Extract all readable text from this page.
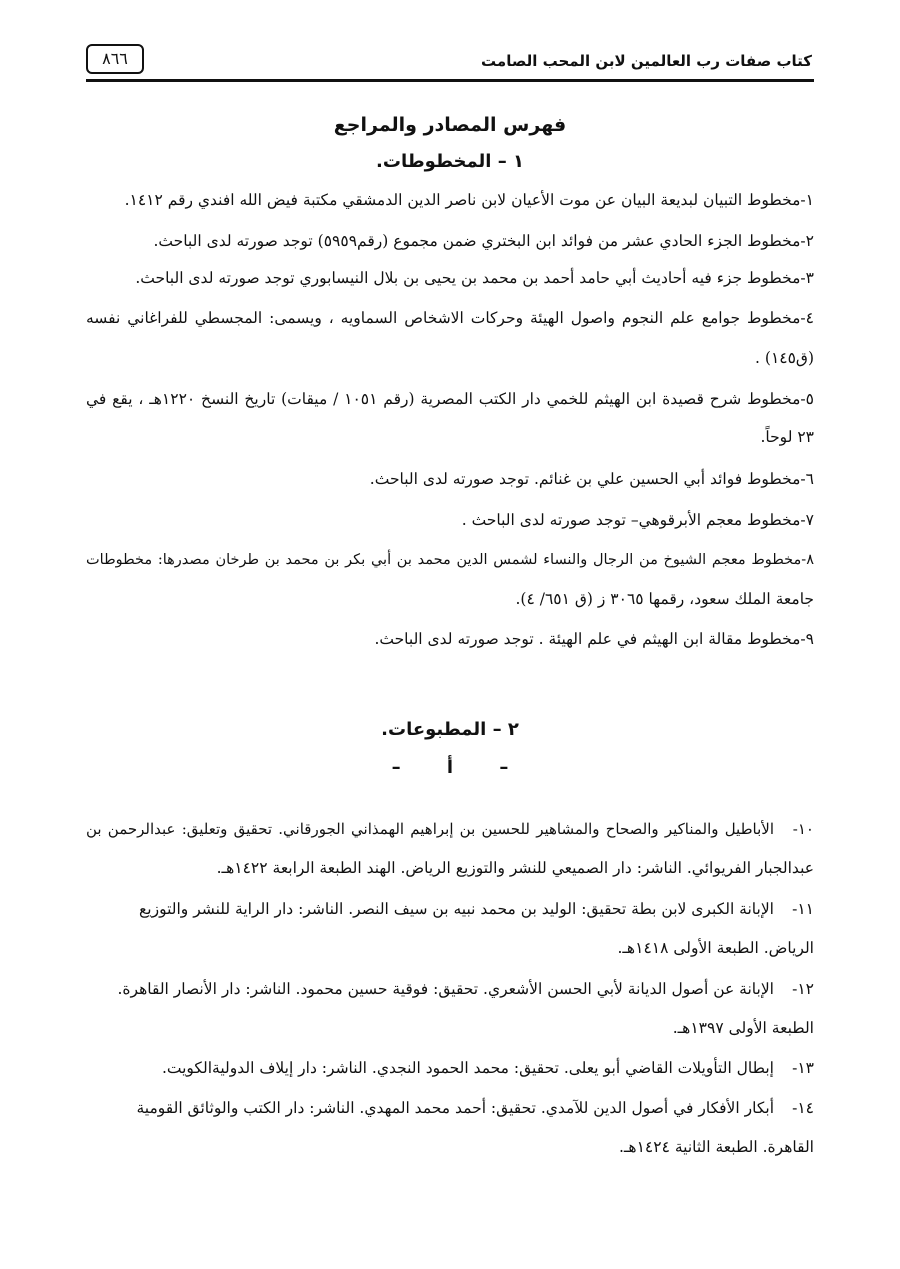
كتاب صفات رب العالمين لابن المحب الصامت
٨٦٦
فهرس المصادر والمراجع
١ – المخطوطات.
١-مخطوط التبيان لبديعة البيان عن موت الأعيان لابن ناصر الدين الدمشقي مكتبة فيض الله افندي رقم ١٤١٢.
٢-مخطوط الجزء الحادي عشر من فوائد ابن البختري ضمن مجموع (رقم٥٩٥٩) توجد صورته لدى الباحث.
٣-مخطوط جزء فيه أحاديث أبي حامد أحمد بن محمد بن يحيى بن بلال النيسابوري توجد صورته لدى الباحث.
٤-مخطوط جوامع علم النجوم واصول الهيئة وحركات الاشخاص السماويه ، ويسمى: المجسطي للفراغاني نفسه
(ق١٤٥) .
٥-مخطوط شرح قصيدة ابن الهيثم للخمي دار الكتب المصرية (رقم ١٠٥١ / ميقات) تاريخ النسخ ١٢٢٠هـ ، يقع في
٢٣ لوحاً.
٦-مخطوط فوائد أبي الحسين علي بن غنائم. توجد صورته لدى الباحث.
٧-مخطوط معجم الأبرقوهي– توجد صورته لدى الباحث .
٨-مخطوط معجم الشيوخ من الرجال والنساء لشمس الدين محمد بن أبي بكر بن محمد بن طرخان مصدرها: مخطوطات
جامعة الملك سعود، رقمها ٣٠٦٥ ز (ق ٦٥١/ ٤).
٩-مخطوط مقالة ابن الهيثم في علم الهيئة . توجد صورته لدى الباحث.
٢ – المطبوعات.
– أ –
١٠-الأباطيل والمناكير والصحاح والمشاهير للحسين بن إبراهيم الهمذاني الجورقاني. تحقيق وتعليق: عبدالرحمن بن
عبدالجبار الفريوائي. الناشر: دار الصميعي للنشر والتوزيع الرياض. الهند الطبعة الرابعة ١٤٢٢هـ.
١١-الإبانة الكبرى لابن بطة تحقيق: الوليد بن محمد نبيه بن سيف النصر. الناشر: دار الراية للنشر والتوزيع
الرياض. الطبعة الأولى ١٤١٨هـ.
١٢-الإبانة عن أصول الديانة لأبي الحسن الأشعري. تحقيق: فوقية حسين محمود. الناشر: دار الأنصار القاهرة.
الطبعة الأولى ١٣٩٧هـ.
١٣-إبطال التأويلات القاضي أبو يعلى. تحقيق: محمد الحمود النجدي. الناشر: دار إيلاف الدوليةالكويت.
١٤-أبكار الأفكار في أصول الدين للآمدي. تحقيق: أحمد محمد المهدي. الناشر: دار الكتب والوثائق القومية
القاهرة. الطبعة الثانية ١٤٢٤هـ.
